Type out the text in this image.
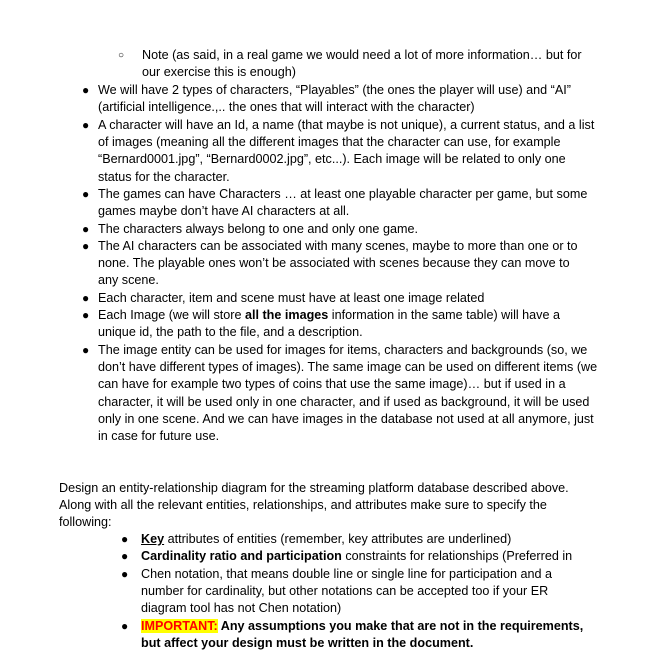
○ Note (as said, in a real game we would need a lot of more information… but for our exercise this is enough)
● We will have 2 types of characters, “Playables” (the ones the player will use) and “AI” (artificial intelligence.,.. the ones that will interact with the character)
● A character will have an Id, a name (that maybe is not unique), a current status, and a list of images (meaning all the different images that the character can use, for example “Bernard0001.jpg”, “Bernard0002.jpg”, etc...). Each image will be related to only one status for the character.
● The games can have Characters … at least one playable character per game, but some games maybe don’t have AI characters at all.
● The characters always belong to one and only one game.
● The AI characters can be associated with many scenes, maybe to more than one or to none. The playable ones won’t be associated with scenes because they can move to any scene.
● Each character, item and scene must have at least one image related
● Each Image (we will store all the images information in the same table) will have a unique id, the path to the file, and a description.
● The image entity can be used for images for items, characters and backgrounds (so, we don’t have different types of images). The same image can be used on different items (we can have for example two types of coins that use the same image)… but if used in a character, it will be used only in one character, and if used as background, it will be used only in one scene. And we can have images in the database not used at all anymore, just in case for future use.
Design an entity-relationship diagram for the streaming platform database described above. Along with all the relevant entities, relationships, and attributes make sure to specify the following:
● Key attributes of entities (remember, key attributes are underlined)
● Cardinality ratio and participation constraints for relationships (Preferred in
● Chen notation, that means double line or single line for participation and a number for cardinality, but other notations can be accepted too if your ER diagram tool has not Chen notation)
● IMPORTANT: Any assumptions you make that are not in the requirements, but affect your design must be written in the document.
